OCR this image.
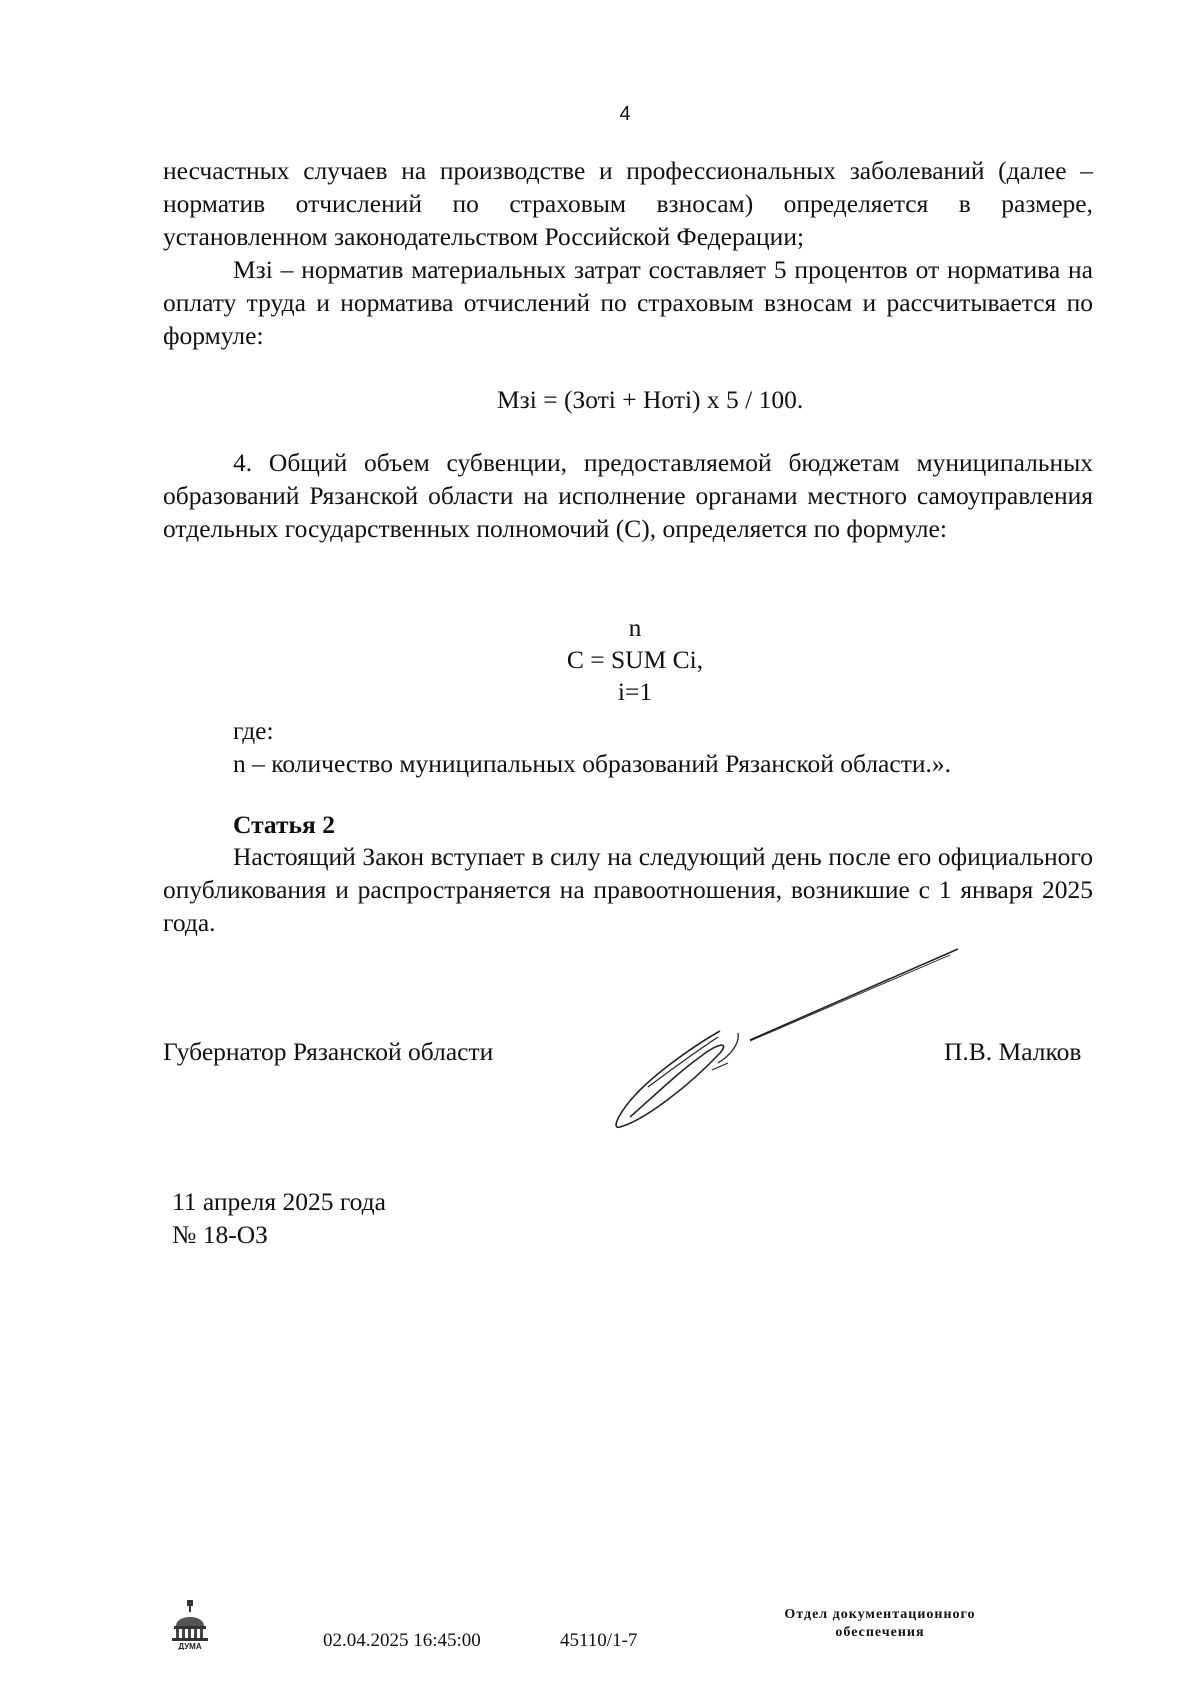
4
несчастных случаев на производстве и профессиональных заболеваний (далее – норматив отчислений по страховым взносам) определяется в размере, установленном законодательством Российской Федерации;
Мзi – норматив материальных затрат составляет 5 процентов от норматива на оплату труда и норматива отчислений по страховым взносам и рассчитывается по формуле:
Мзi = (Зотi + Нотi) x 5 / 100.
4. Общий объем субвенции, предоставляемой бюджетам муниципальных образований Рязанской области на исполнение органами местного самоуправления отдельных государственных полномочий (С), определяется по формуле:
n
С = SUM Ci,
i=1
где:
n – количество муниципальных образований Рязанской области.».
Статья 2
Настоящий Закон вступает в силу на следующий день после его официального опубликования и распространяется на правоотношения, возникшие с 1 января 2025 года.
Губернатор Рязанской области	П.В. Малков
11 апреля 2025 года
№ 18-ОЗ
ДУМА	02.04.2025 16:45:00	45110/1-7
Отдел документационного
обеспечения
